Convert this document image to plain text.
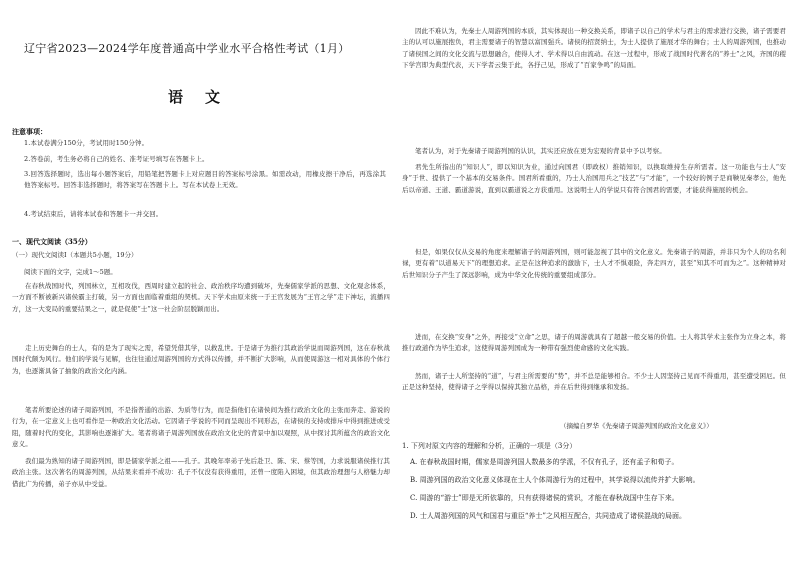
辽宁省2023—2024学年度普通高中学业水平合格性考试（1月）
语文
注意事项：
1.本试卷满分150分，考试用时150分钟。
2.答卷前，考生务必将自己的姓名、准考证号填写在答题卡上。
3.回答选择题时，选出每小题答案后，用铅笔把答题卡上对应题目的答案标号涂黑。如需改动，用橡皮擦干净后，再选涂其他答案标号。回答非选择题时，将答案写在答题卡上。写在本试卷上无效。
4.考试结束后，请将本试卷和答题卡一并交回。
一、现代文阅读（35分）
（一）现代文阅读Ⅰ（本题共5小题，19分）
阅读下面的文字，完成1～5题。
在春秋战国时代，列国林立，互相攻伐，西周时建立起的社会、政治秩序均遭到破坏，先秦儒家学派的思想、文化观念体系，一方面不断被新兴诸侯霸主打破，另一方面也面临着重组的契机。天下学术由原来统一于王官发展为“王官之学”走下神坛，流播四方，这一大变局的重要结果之一，就是促使“士”这一社会阶层脱颖而出。
走上历史舞台的士人，有的是为了现实之需，希望凭借其学，以救乱世。于是诸子为推行其政治学说而周游列国，这在春秋战国时代颇为风行。他们的学说与见解，也往往通过周游列国的方式得以传播，并不断扩大影响，从而使周游这一相对具体的个体行为，也逐渐具备了抽象的政治文化内涵。
笔者所要论述的诸子周游列国，不是指普通的出游、为质等行为，而是指他们在诸侯间为推行政治文化的主张而奔走、游说的行为，在一定意义上也可看作是一种政治文化活动。它因诸子学说的不同而呈现出不同形态，在诸侯的支持或排斥中得到推进或受阻，随着时代的变化，其影响也逐渐扩大。笔者将诸子周游列国放在政治文化史的背景中加以观照，从中探讨其所蕴含的政治文化意义。
我们最为熟知的诸子周游列国，即是儒家学派之祖——孔子。其晚年率弟子先后赴卫、陈、宋、蔡等国，力求说服诸侯推行其政治主张。这次著名的周游列国，从结果来看并不成功：孔子不仅没有获得重用，还曾一度陷入困境，但其政治理想与人格魅力却借此广为传播，弟子亦从中受益。
因此不难认为，先秦士人周游列国的本质，其实体现出一种交换关系，即诸子以自己的学术与君主的需求进行交换，诸子需要君主的认可以施展抱负，君主需要诸子的智慧以富国强兵。诸侯的招贤纳士，为士人提供了施展才华的舞台；士人的周游列国，也推动了诸侯国之间的文化交流与思想融合，使得人才、学术得以自由流动。在这一过程中，形成了战国时代著名的“养士”之风，齐国的稷下学宫即为典型代表，天下学者云集于此，各抒己见，形成了“百家争鸣”的局面。
笔者认为，对于先秦诸子周游列国的认识，其实还应放在更为宏观的背景中予以考察。
君先生所指出的“知识人”，即以知识为业，通过向国君（即政权）推销知识，以换取维持生存所需者。这一功能也与士人“安身”于世、提供了一个基本的交易条件。国君所看重的，乃士人治国用兵之“技艺”与“才能”，一个较好的例子是商鞅见秦孝公，他先后以帝道、王道、霸道游说，直到以霸道说之方获重用。这说明士人的学说只有符合国君的需要，才能获得施展的机会。
但是，如果仅仅从交易的角度来理解诸子的周游列国，则可能忽视了其中的文化意义。先秦诸子的周游，并非只为个人的功名利禄，更有着“以道易天下”的理想追求。正是在这种追求的激励下，士人才不惧艰险，奔走四方，甚至“知其不可而为之”。这种精神对后世知识分子产生了深远影响，成为中华文化传统的重要组成部分。
进而，在交换“安身”之外，再接受“立命”之思，诸子的周游就具有了超越一般交易的价值。士人将其学术主张作为立身之本，将推行政道作为毕生追求，这使得周游列国成为一种带有强烈使命感的文化实践。
然而，诸子士人所坚持的“道”，与君主所需要的“势”，并不总是能够相合。不少士人因坚持己见而不得重用，甚至遭受困厄。但正是这种坚持，使得诸子之学得以保持其独立品格，并在后世得到继承和发扬。
（摘编自罗华《先秦诸子周游列国的政治文化意义》）
1. 下列对原文内容的理解和分析，正确的一项是（3分）
A. 在春秋战国时期，儒家是周游列国人数最多的学派，不仅有孔子，还有孟子和荀子。
B. 周游列国的政治文化意义体现在士人个体周游行为的过程中，其学说得以流传并扩大影响。
C. 周游的“游士”即是无所依靠的，只有获得诸侯的赏识，才能在春秋战国中生存下来。
D. 士人周游列国的风气和国君与重臣“养士”之风相互配合，共同造成了诸侯混战的局面。
